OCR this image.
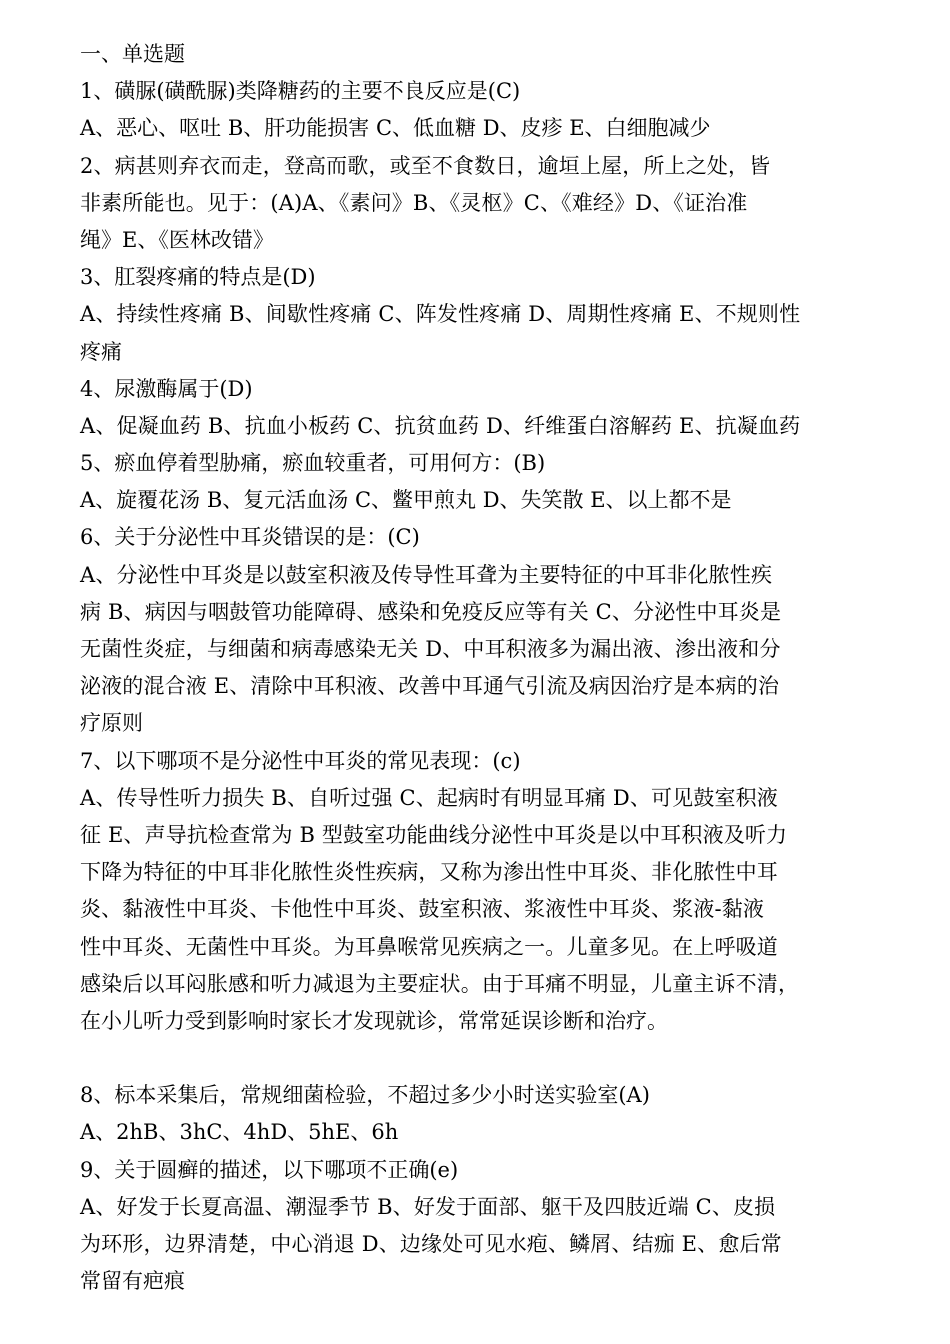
一、单选题
1、磺脲(磺酰脲)类降糖药的主要不良反应是(C)
A、恶心、呕吐 B、肝功能损害 C、低血糖 D、皮疹 E、白细胞减少
2、病甚则弃衣而走，登高而歌，或至不食数日，逾垣上屋，所上之处，皆
非素所能也。见于：(A)A、《素问》B、《灵枢》C、《难经》D、《证治准
绳》E、《医林改错》
3、肛裂疼痛的特点是(D)
A、持续性疼痛 B、间歇性疼痛 C、阵发性疼痛 D、周期性疼痛 E、不规则性
疼痛
4、尿激酶属于(D)
A、促凝血药 B、抗血小板药 C、抗贫血药 D、纤维蛋白溶解药 E、抗凝血药
5、瘀血停着型胁痛，瘀血较重者，可用何方：(B)
A、旋覆花汤 B、复元活血汤 C、鳖甲煎丸 D、失笑散 E、以上都不是
6、关于分泌性中耳炎错误的是：(C)
A、分泌性中耳炎是以鼓室积液及传导性耳聋为主要特征的中耳非化脓性疾
病 B、病因与咽鼓管功能障碍、感染和免疫反应等有关 C、分泌性中耳炎是
无菌性炎症，与细菌和病毒感染无关 D、中耳积液多为漏出液、渗出液和分
泌液的混合液 E、清除中耳积液、改善中耳通气引流及病因治疗是本病的治
疗原则
7、以下哪项不是分泌性中耳炎的常见表现：(c)
A、传导性听力损失 B、自听过强 C、起病时有明显耳痛 D、可见鼓室积液
征 E、声导抗检查常为 B 型鼓室功能曲线分泌性中耳炎是以中耳积液及听力
下降为特征的中耳非化脓性炎性疾病，又称为渗出性中耳炎、非化脓性中耳
炎、黏液性中耳炎、卡他性中耳炎、鼓室积液、浆液性中耳炎、浆液-黏液
性中耳炎、无菌性中耳炎。为耳鼻喉常见疾病之一。儿童多见。在上呼吸道
感染后以耳闷胀感和听力减退为主要症状。由于耳痛不明显，儿童主诉不清，
在小儿听力受到影响时家长才发现就诊，常常延误诊断和治疗。
8、标本采集后，常规细菌检验，不超过多少小时送实验室(A)
A、2hB、3hC、4hD、5hE、6h
9、关于圆癣的描述，以下哪项不正确(e)
A、好发于长夏高温、潮湿季节 B、好发于面部、躯干及四肢近端 C、皮损
为环形，边界清楚，中心消退 D、边缘处可见水疱、鳞屑、结痂 E、愈后常
常留有疤痕
